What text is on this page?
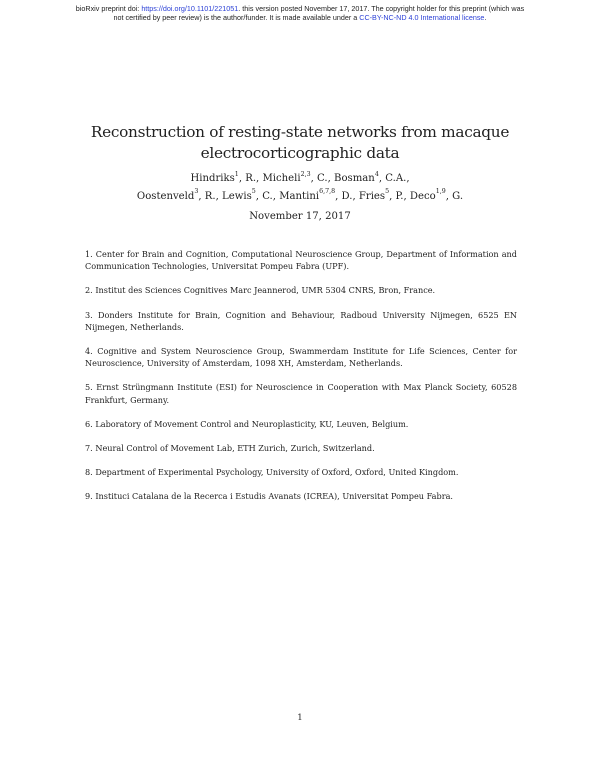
bioRxiv preprint doi: https://doi.org/10.1101/221051. this version posted November 17, 2017. The copyright holder for this preprint (which was
not certified by peer review) is the author/funder. It is made available under a CC-BY-NC-ND 4.0 International license.
Reconstruction of resting-state networks from macaque
electrocorticographic data
Hindriks$^1$, R., Micheli$^{2,3}$, C., Bosman$^4$, C.A.,
Oostenveld$^3$, R., Lewis$^5$, C., Mantini$^{6,7,8}$, D., Fries$^5$, P., Deco$^{1,9}$, G.
November 17, 2017

1. Center for Brain and Cognition, Computational Neuroscience Group, Department of Information and Communication Technologies, Universitat Pompeu Fabra (UPF).

2. Institut des Sciences Cognitives Marc Jeannerod, UMR 5304 CNRS, Bron, France.

3. Donders Institute for Brain, Cognition and Behaviour, Radboud University Nijmegen, 6525 EN Nijmegen, Netherlands.

4. Cognitive and System Neuroscience Group, Swammerdam Institute for Life Sciences, Center for Neuroscience, University of Amsterdam, 1098 XH, Amsterdam, Netherlands.

5. Ernst Strüngmann Institute (ESI) for Neuroscience in Cooperation with Max Planck Society, 60528 Frankfurt, Germany.

6. Laboratory of Movement Control and Neuroplasticity, KU, Leuven, Belgium.

7. Neural Control of Movement Lab, ETH Zurich, Zurich, Switzerland.

8. Department of Experimental Psychology, University of Oxford, Oxford, United Kingdom.

9. Instituci Catalana de la Recerca i Estudis Avanats (ICREA), Universitat Pompeu Fabra.

1
